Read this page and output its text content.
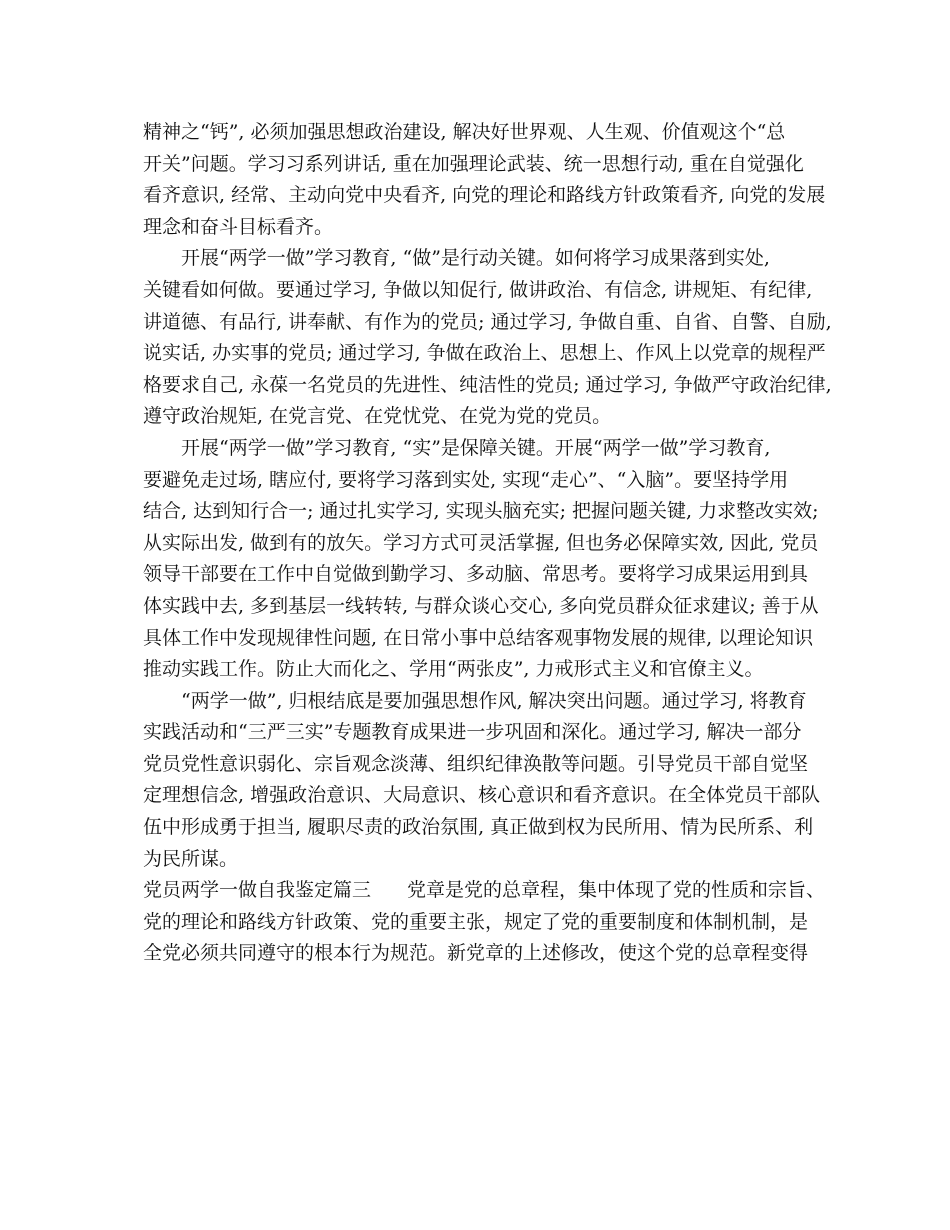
精神之“钙”, 必须加强思想政治建设, 解决好世界观、人生观、价值观这个“总
开关”问题。学习习系列讲话, 重在加强理论武装、统一思想行动, 重在自觉强化
看齐意识, 经常、主动向党中央看齐, 向党的理论和路线方针政策看齐, 向党的发展
理念和奋斗目标看齐。
开展“两学一做”学习教育, “做”是行动关键。如何将学习成果落到实处,
关键看如何做。要通过学习, 争做以知促行, 做讲政治、有信念, 讲规矩、有纪律,
讲道德、有品行, 讲奉献、有作为的党员; 通过学习, 争做自重、自省、自警、自励,
说实话, 办实事的党员; 通过学习, 争做在政治上、思想上、作风上以党章的规程严
格要求自己, 永葆一名党员的先进性、纯洁性的党员; 通过学习, 争做严守政治纪律,
遵守政治规矩, 在党言党、在党忧党、在党为党的党员。
开展“两学一做”学习教育, “实”是保障关键。开展“两学一做”学习教育,
要避免走过场, 瞎应付, 要将学习落到实处, 实现“走心”、“入脑”。要坚持学用
结合, 达到知行合一; 通过扎实学习, 实现头脑充实; 把握问题关键, 力求整改实效;
从实际出发, 做到有的放矢。学习方式可灵活掌握, 但也务必保障实效, 因此, 党员
领导干部要在工作中自觉做到勤学习、多动脑、常思考。要将学习成果运用到具
体实践中去, 多到基层一线转转, 与群众谈心交心, 多向党员群众征求建议; 善于从
具体工作中发现规律性问题, 在日常小事中总结客观事物发展的规律, 以理论知识
推动实践工作。防止大而化之、学用“两张皮”, 力戒形式主义和官僚主义。
“两学一做”, 归根结底是要加强思想作风, 解决突出问题。通过学习, 将教育
实践活动和“三严三实”专题教育成果进一步巩固和深化。通过学习, 解决一部分
党员党性意识弱化、宗旨观念淡薄、组织纪律涣散等问题。引导党员干部自觉坚
定理想信念, 增强政治意识、大局意识、核心意识和看齐意识。在全体党员干部队
伍中形成勇于担当, 履职尽责的政治氛围, 真正做到权为民所用、情为民所系、利
为民所谋。
党员两学一做自我鉴定篇三 党章是党的总章程，集中体现了党的性质和宗旨、
党的理论和路线方针政策、党的重要主张，规定了党的重要制度和体制机制，是
全党必须共同遵守的根本行为规范。新党章的上述修改，使这个党的总章程变得
